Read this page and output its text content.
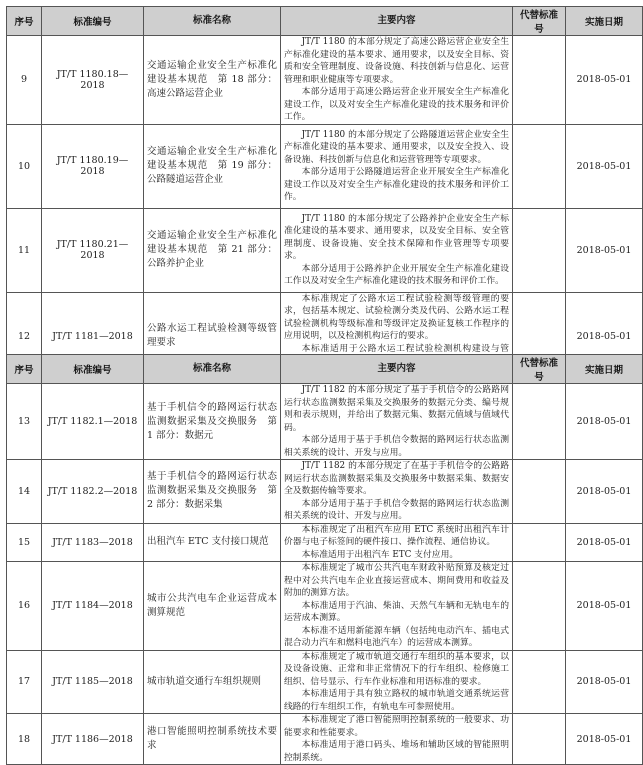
序号	标准编号	标准名称	主要内容	代替标准号	实施日期
9	JT/T 1180.18—2018	交通运输企业安全生产标准化建设基本规范　第 18 部分：高速公路运营企业	JT/T 1180 的本部分规定了高速公路运营企业安全生产标准化建设的基本要求、通用要求，以及安全目标、资质和安全管理制度、设备设施、科技创新与信息化、运营管理和职业健康等专项要求。

本部分适用于高速公路运营企业开展安全生产标准化建设工作，以及对安全生产标准化建设的技术服务和评价工作。		2018-05-01
10	JT/T 1180.19—2018	交通运输企业安全生产标准化建设基本规范　第 19 部分：公路隧道运营企业	JT/T 1180 的本部分规定了公路隧道运营企业安全生产标准化建设的基本要求、通用要求，以及安全投入、设备设施、科技创新与信息化和运营管理等专项要求。

本部分适用于公路隧道运营企业开展安全生产标准化建设工作以及对安全生产标准化建设的技术服务和评价工作。		2018-05-01
11	JT/T 1180.21—2018	交通运输企业安全生产标准化建设基本规范　第 21 部分：公路养护企业	JT/T 1180 的本部分规定了公路养护企业安全生产标准化建设的基本要求、通用要求，以及安全目标、安全管理制度、设备设施、安全技术保障和作业管理等专项要求。

本部分适用于公路养护企业开展安全生产标准化建设工作以及对安全生产标准化建设的技术服务和评价工作。		2018-05-01
12	JT/T 1181—2018	公路水运工程试验检测等级管理要求	本标准规定了公路水运工程试验检测等级管理的要求，包括基本规定、试验检测分类及代码、公路水运工程试验检测机构等级标准和等级评定及换证复核工作程序的应用说明，以及检测机构运行的要求。

本标准适用于公路水运工程试验检测机构建设与管		2018-05-01
序号	标准编号	标准名称	主要内容	代替标准号	实施日期
13	JT/T 1182.1—2018	基于手机信令的路网运行状态监测数据采集及交换服务　第 1 部分：数据元	JT/T 1182 的本部分规定了基于手机信令的公路路网运行状态监测数据采集及交换服务的数据元分类、编号规则和表示规则，并给出了数据元集、数据元值域与值域代码。

本部分适用于基于手机信令数据的路网运行状态监测相关系统的设计、开发与应用。		2018-05-01
14	JT/T 1182.2—2018	基于手机信令的路网运行状态监测数据采集及交换服务　第 2 部分：数据采集	JT/T 1182 的本部分规定了在基于手机信令的公路路网运行状态监测数据采集及交换服务中数据采集、数据安全及数据传输等要求。

本部分适用于基于手机信令数据的路网运行状态监测相关系统的设计、开发与应用。		2018-05-01
15	JT/T 1183—2018	出租汽车 ETC 支付接口规范	本标准规定了出租汽车应用 ETC 系统时出租汽车计价器与电子标签间的硬件接口、操作流程、通信协议。

本标准适用于出租汽车 ETC 支付应用。		2018-05-01
16	JT/T 1184—2018	城市公共汽电车企业运营成本测算规范	本标准规定了城市公共汽电车财政补贴预算及核定过程中对公共汽电车企业直接运营成本、期间费用和收益及附加的测算方法。

本标准适用于汽油、柴油、天然气车辆和无轨电车的运营成本测算。

本标准不适用新能源车辆（包括纯电动汽车、插电式混合动力汽车和燃料电池汽车）的运营成本测算。		2018-05-01
17	JT/T 1185—2018	城市轨道交通行车组织规则	本标准规定了城市轨道交通行车组织的基本要求，以及设备设施、正常和非正常情况下的行车组织、检修施工组织、信号显示、行车作业标准和用语标准的要求。

本标准适用于具有独立路权的城市轨道交通系统运营线路的行车组织工作，有轨电车可参照使用。		2018-05-01
18	JT/T 1186—2018	港口智能照明控制系统技术要求	本标准规定了港口智能照明控制系统的一般要求、功能要求和性能要求。

本标准适用于港口码头、堆场和辅助区域的智能照明控制系统。		2018-05-01
